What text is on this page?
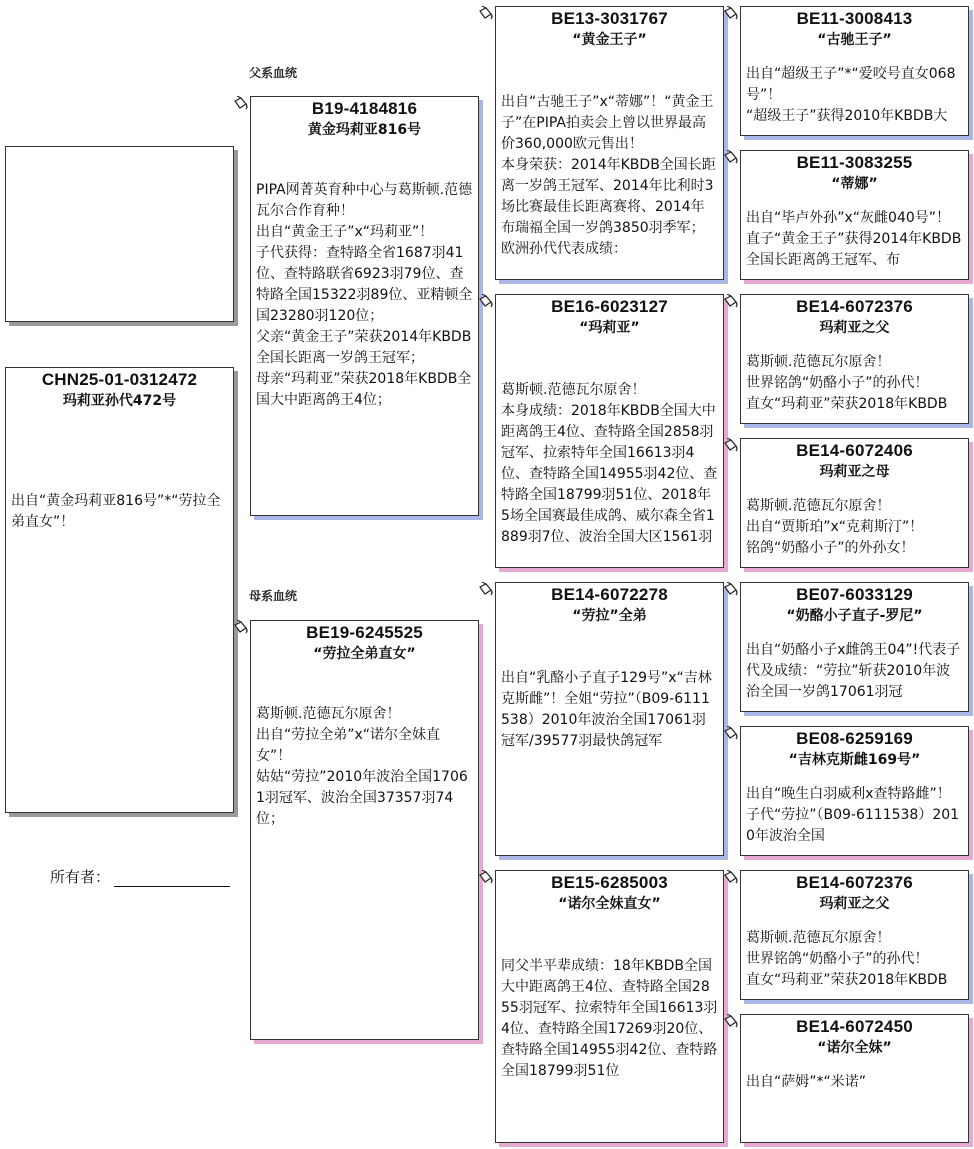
父系血统
母系血统
CHN25-01-0312472
玛莉亚孙代472号
出自“黄金玛莉亚816号”*“劳拉全弟直女”！
所有者：
B19-4184816
黄金玛莉亚816号
PIPA网菁英育种中心与葛斯顿.范德瓦尔合作育种！
出自“黄金王子”x“玛莉亚”！
子代获得：查特路全省1687羽41位、查特路联省6923羽79位、查特路全国15322羽89位、亚精顿全国23280羽120位；
父亲“黄金王子”荣获2014年KBDB全国长距离一岁鸽王冠军；
母亲“玛莉亚”荣获2018年KBDB全国大中距离鸽王4位；
BE19-6245525
“劳拉全弟直女”
葛斯顿.范德瓦尔原舍！
出自“劳拉全弟”x“诺尔全妹直女”！
姑姑“劳拉”2010年波治全国17061羽冠军、波治全国37357羽74位；
BE13-3031767
“黄金王子”
出自“古驰王子”x“蒂娜”！“黄金王子”在PIPA拍卖会上曾以世界最高价360,000欧元售出！
本身荣获：2014年KBDB全国长距离一岁鸽王冠军、2014年比利时3场比赛最佳长距离赛将、2014年布瑞福全国一岁鸽3850羽季军；
欧洲孙代代表成绩：
BE16-6023127
“玛莉亚”
葛斯顿.范德瓦尔原舍！
本身成绩：2018年KBDB全国大中距离鸽王4位、查特路全国2858羽冠军、拉索特年全国16613羽4位、查特路全国14955羽42位、查特路全国18799羽51位、2018年5场全国赛最佳成鸽、威尔森全省1889羽7位、波治全国大区1561羽
BE14-6072278
“劳拉”全弟
出自“乳酪小子直子129号”x“吉林克斯雌”！全姐“劳拉”（B09-6111538）2010年波治全国17061羽冠军/39577羽最快鸽冠军
BE15-6285003
“诺尔全妹直女”
同父半平辈成绩：18年KBDB全国大中距离鸽王4位、查特路全国2855羽冠军、拉索特年全国16613羽4位、查特路全国17269羽20位、查特路全国14955羽42位、查特路全国18799羽51位
BE11-3008413
“古驰王子”
出自“超级王子”*“爱咬号直女068号”！
“超级王子”获得2010年KBDB大
BE11-3083255
“蒂娜”
出自“毕卢外孙”x“灰雌040号”！
直子“黄金王子”获得2014年KBDB全国长距离鸽王冠军、布
BE14-6072376
玛莉亚之父
葛斯顿.范德瓦尔原舍！
世界铭鸽“奶酪小子”的孙代！
直女“玛莉亚”荣获2018年KBDB
BE14-6072406
玛莉亚之母
葛斯顿.范德瓦尔原舍！
出自“贾斯珀”x“克莉斯汀”！
铭鸽“奶酪小子”的外孙女！
BE07-6033129
“奶酪小子直子-罗尼”
出自“奶酪小子x雌鸽王04”!代表子代及成绩：“劳拉”斩获2010年波治全国一岁鸽17061羽冠
BE08-6259169
“吉林克斯雌169号”
出自“晚生白羽威利x查特路雌”！子代“劳拉”（B09-6111538）2010年波治全国
BE14-6072376
玛莉亚之父
葛斯顿.范德瓦尔原舍！
世界铭鸽“奶酪小子”的孙代！
直女“玛莉亚”荣获2018年KBDB
BE14-6072450
“诺尔全妹”
出自“萨姆”*“米诺”
